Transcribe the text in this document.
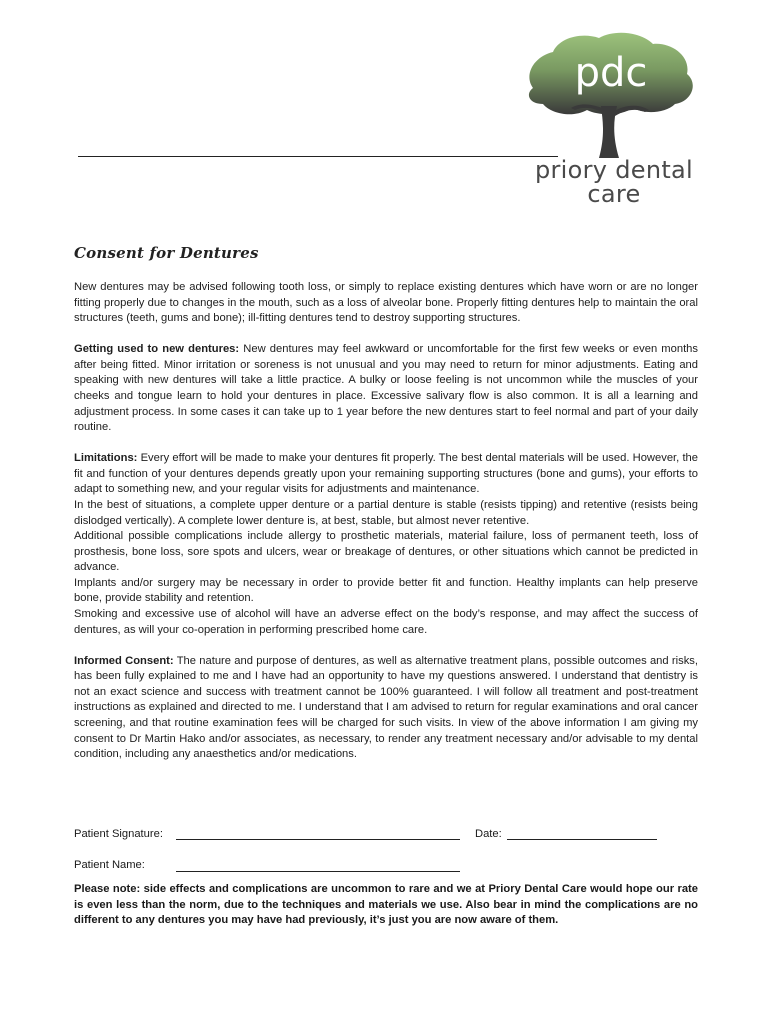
pdc
priory dental
care
Consent for Dentures

New dentures may be advised following tooth loss, or simply to replace existing dentures which have worn or are no longer fitting properly due to changes in the mouth, such as a loss of alveolar bone. Properly fitting dentures help to maintain the oral structures (teeth, gums and bone); ill-fitting dentures tend to destroy supporting structures.

Getting used to new dentures: New dentures may feel awkward or uncomfortable for the first few weeks or even months after being fitted. Minor irritation or soreness is not unusual and you may need to return for minor adjustments. Eating and speaking with new dentures will take a little practice. A bulky or loose feeling is not uncommon while the muscles of your cheeks and tongue learn to hold your dentures in place. Excessive salivary flow is also common. It is all a learning and adjustment process. In some cases it can take up to 1 year before the new dentures start to feel normal and part of your daily routine.

Limitations: Every effort will be made to make your dentures fit properly. The best dental materials will be used. However, the fit and function of your dentures depends greatly upon your remaining supporting structures (bone and gums), your efforts to adapt to something new, and your regular visits for adjustments and maintenance.

In the best of situations, a complete upper denture or a partial denture is stable (resists tipping) and retentive (resists being dislodged vertically). A complete lower denture is, at best, stable, but almost never retentive.

Additional possible complications include allergy to prosthetic materials, material failure, loss of permanent teeth, loss of prosthesis, bone loss, sore spots and ulcers, wear or breakage of dentures, or other situations which cannot be predicted in advance.

Implants and/or surgery may be necessary in order to provide better fit and function. Healthy implants can help preserve bone, provide stability and retention.

Smoking and excessive use of alcohol will have an adverse effect on the body’s response, and may affect the success of dentures, as will your co-operation in performing prescribed home care.

Informed Consent: The nature and purpose of dentures, as well as alternative treatment plans, possible outcomes and risks, has been fully explained to me and I have had an opportunity to have my questions answered. I understand that dentistry is not an exact science and success with treatment cannot be 100% guaranteed. I will follow all treatment and post-treatment instructions as explained and directed to me. I understand that I am advised to return for regular examinations and oral cancer screening, and that routine examination fees will be charged for such visits. In view of the above information I am giving my consent to Dr Martin Hako and/or associates, as necessary, to render any treatment necessary and/or advisable to my dental condition, including any anaesthetics and/or medications.

Patient Signature:	Date:
Patient Name:
Please note: side effects and complications are uncommon to rare and we at Priory Dental Care would hope our rate is even less than the norm, due to the techniques and materials we use. Also bear in mind the complications are no different to any dentures you may have had previously, it’s just you are now aware of them.
